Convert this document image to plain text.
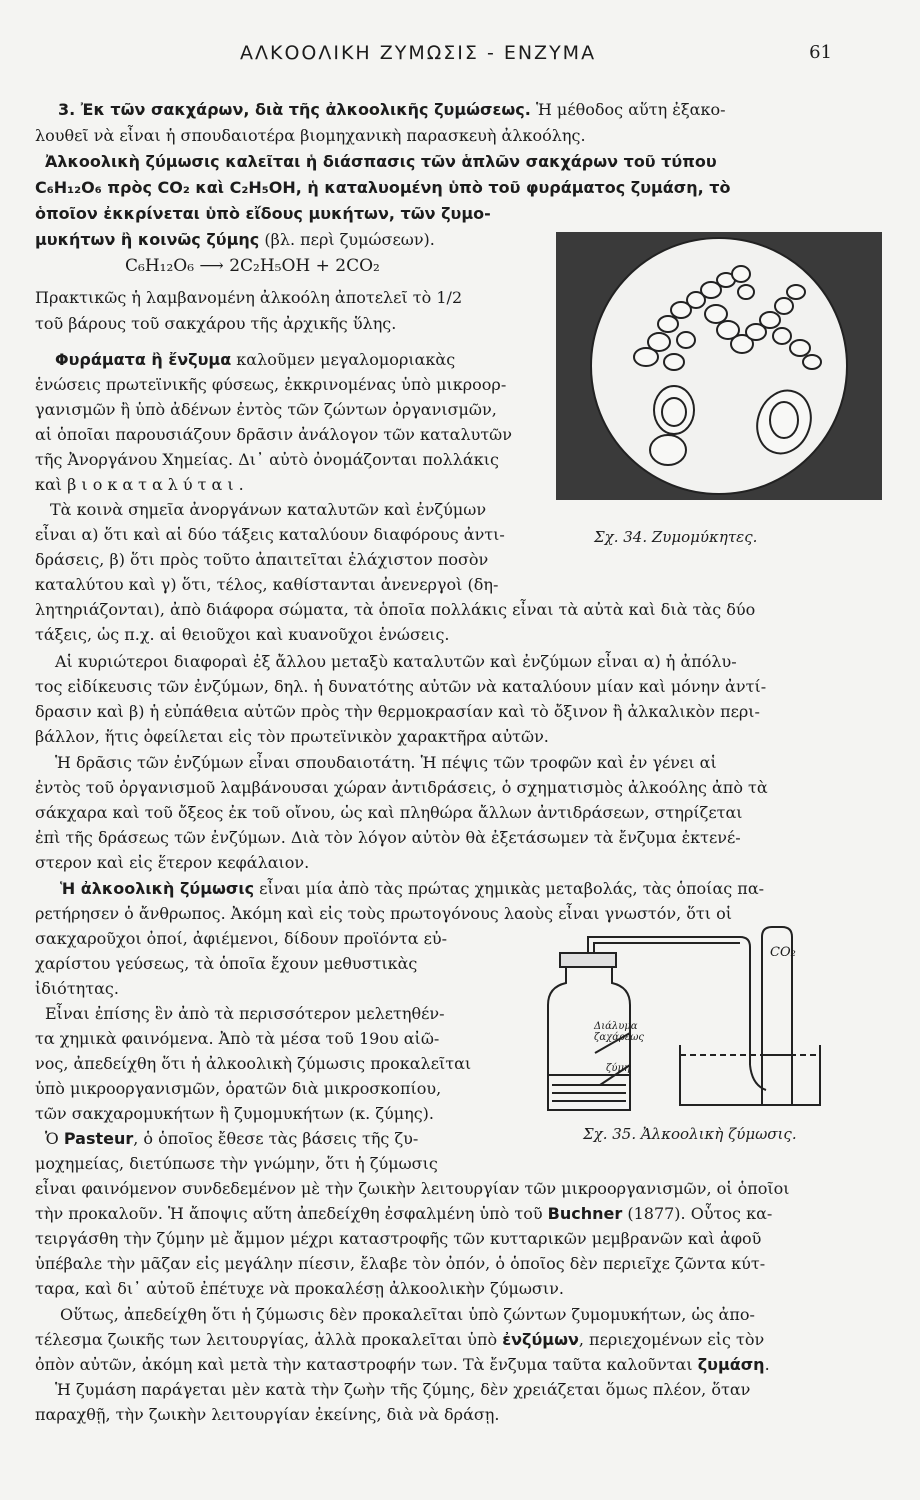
ΑΛΚΟΟΛΙΚΗ ΖΥΜΩΣΙΣ - ΕΝΖΥΜΑ	61
3. Ἐκ τῶν σακχάρων, διὰ τῆς ἀλκοολικῆς ζυμώσεως. Ἡ μέθοδος αὕτη ἐξακο-
λουθεῖ νὰ εἶναι ἡ σπουδαιοτέρα βιομηχανικὴ παρασκευὴ ἀλκοόλης.
Ἀλκοολικὴ ζύμωσις καλεῖται ἡ διάσπασις τῶν ἁπλῶν σακχάρων τοῦ τύπου
C₆H₁₂O₆ πρὸς CO₂ καὶ C₂H₅OH, ἡ καταλυομένη ὑπὸ τοῦ φυράματος ζυμάση, τὸ
ὁποῖον ἐκκρίνεται ὑπὸ εἴδους μυκήτων, τῶν ζυμο-
μυκήτων ἢ κοινῶς ζύμης (βλ. περὶ ζυμώσεων).
C₆H₁₂O₆ ⟶ 2C₂H₅OH + 2CO₂
Πρακτικῶς ἡ λαμβανομένη ἀλκοόλη ἀποτελεῖ τὸ 1/2
τοῦ βάρους τοῦ σακχάρου τῆς ἀρχικῆς ὕλης.
Φυράματα ἢ ἔνζυμα καλοῦμεν μεγαλομοριακὰς
ἑνώσεις πρωτεϊνικῆς φύσεως, ἐκκρινομένας ὑπὸ μικροορ-
γανισμῶν ἢ ὑπὸ ἀδένων ἐντὸς τῶν ζώντων ὀργανισμῶν,
αἱ ὁποῖαι παρουσιάζουν δρᾶσιν ἀνάλογον τῶν καταλυτῶν
τῆς Ἀνοργάνου Χημείας. Δι᾽ αὐτὸ ὀνομάζονται πολλάκις
καὶ βιοκαταλύται.
Τὰ κοινὰ σημεῖα ἀνοργάνων καταλυτῶν καὶ ἐνζύμων
εἶναι α) ὅτι καὶ αἱ δύο τάξεις καταλύουν διαφόρους ἀντι-
δράσεις, β) ὅτι πρὸς τοῦτο ἀπαιτεῖται ἐλάχιστον ποσὸν
καταλύτου καὶ γ) ὅτι, τέλος, καθίστανται ἀνενεργοὶ (δη-
λητηριάζονται), ἀπὸ διάφορα σώματα, τὰ ὁποῖα πολλάκις εἶναι τὰ αὐτὰ καὶ διὰ τὰς δύο
τάξεις, ὡς π.χ. αἱ θειοῦχοι καὶ κυανοῦχοι ἑνώσεις.
Αἱ κυριώτεροι διαφοραὶ ἐξ ἄλλου μεταξὺ καταλυτῶν καὶ ἐνζύμων εἶναι α) ἡ ἀπόλυ-
τος εἰδίκευσις τῶν ἐνζύμων, δηλ. ἡ δυνατότης αὐτῶν νὰ καταλύουν μίαν καὶ μόνην ἀντί-
δρασιν καὶ β) ἡ εὐπάθεια αὐτῶν πρὸς τὴν θερμοκρασίαν καὶ τὸ ὄξινον ἢ ἀλκαλικὸν περι-
βάλλον, ἥτις ὀφείλεται εἰς τὸν πρωτεϊνικὸν χαρακτῆρα αὐτῶν.
Ἡ δρᾶσις τῶν ἐνζύμων εἶναι σπουδαιοτάτη. Ἡ πέψις τῶν τροφῶν καὶ ἐν γένει αἱ
ἐντὸς τοῦ ὀργανισμοῦ λαμβάνουσαι χώραν ἀντιδράσεις, ὁ σχηματισμὸς ἀλκοόλης ἀπὸ τὰ
σάκχαρα καὶ τοῦ ὄξεος ἐκ τοῦ οἴνου, ὡς καὶ πληθώρα ἄλλων ἀντιδράσεων, στηρίζεται
ἐπὶ τῆς δράσεως τῶν ἐνζύμων. Διὰ τὸν λόγον αὐτὸν θὰ ἐξετάσωμεν τὰ ἔνζυμα ἐκτενέ-
στερον καὶ εἰς ἕτερον κεφάλαιον.
Ἡ ἀλκοολικὴ ζύμωσις εἶναι μία ἀπὸ τὰς πρώτας χημικὰς μεταβολάς, τὰς ὁποίας πα-
ρετήρησεν ὁ ἄνθρωπος. Ἀκόμη καὶ εἰς τοὺς πρωτογόνους λαοὺς εἶναι γνωστόν, ὅτι οἱ
σακχαροῦχοι ὀποί, ἀφιέμενοι, δίδουν προϊόντα εὐ-
χαρίστου γεύσεως, τὰ ὁποῖα ἔχουν μεθυστικὰς
ἰδιότητας.
Εἶναι ἐπίσης ἓν ἀπὸ τὰ περισσότερον μελετηθέν-
τα χημικὰ φαινόμενα. Ἀπὸ τὰ μέσα τοῦ 19ου αἰῶ-
νος, ἀπεδείχθη ὅτι ἡ ἀλκοολικὴ ζύμωσις προκαλεῖται
ὑπὸ μικροοργανισμῶν, ὁρατῶν διὰ μικροσκοπίου,
τῶν σακχαρομυκήτων ἢ ζυμομυκήτων (κ. ζύμης).
Ὁ Pasteur, ὁ ὁποῖος ἔθεσε τὰς βάσεις τῆς ζυ-
μοχημείας, διετύπωσε τὴν γνώμην, ὅτι ἡ ζύμωσις
εἶναι φαινόμενον συνδεδεμένον μὲ τὴν ζωικὴν λειτουργίαν τῶν μικροοργανισμῶν, οἱ ὁποῖοι
τὴν προκαλοῦν. Ἡ ἄποψις αὕτη ἀπεδείχθη ἐσφαλμένη ὑπὸ τοῦ Buchner (1877). Οὗτος κα-
τειργάσθη τὴν ζύμην μὲ ἄμμον μέχρι καταστροφῆς τῶν κυτταρικῶν μεμβρανῶν καὶ ἀφοῦ
ὑπέβαλε τὴν μᾶζαν εἰς μεγάλην πίεσιν, ἔλαβε τὸν ὀπόν, ὁ ὁποῖος δὲν περιεῖχε ζῶντα κύτ-
ταρα, καὶ δι᾽ αὐτοῦ ἐπέτυχε νὰ προκαλέσῃ ἀλκοολικὴν ζύμωσιν.
Οὕτως, ἀπεδείχθη ὅτι ἡ ζύμωσις δὲν προκαλεῖται ὑπὸ ζώντων ζυμομυκήτων, ὡς ἀπο-
τέλεσμα ζωικῆς των λειτουργίας, ἀλλὰ προκαλεῖται ὑπὸ ἐνζύμων, περιεχομένων εἰς τὸν
ὀπὸν αὐτῶν, ἀκόμη καὶ μετὰ τὴν καταστροφήν των. Τὰ ἔνζυμα ταῦτα καλοῦνται ζυμάση.
Ἡ ζυμάση παράγεται μὲν κατὰ τὴν ζωὴν τῆς ζύμης, δὲν χρειάζεται ὅμως πλέον, ὅταν
παραχθῇ, τὴν ζωικὴν λειτουργίαν ἐκείνης, διὰ νὰ δράσῃ.
Σχ. 34. Ζυμομύκητες.
CO₂
Διάλυμα
ζαχάρεως
ζύμη
Σχ. 35. Ἀλκοολικὴ ζύμωσις.
